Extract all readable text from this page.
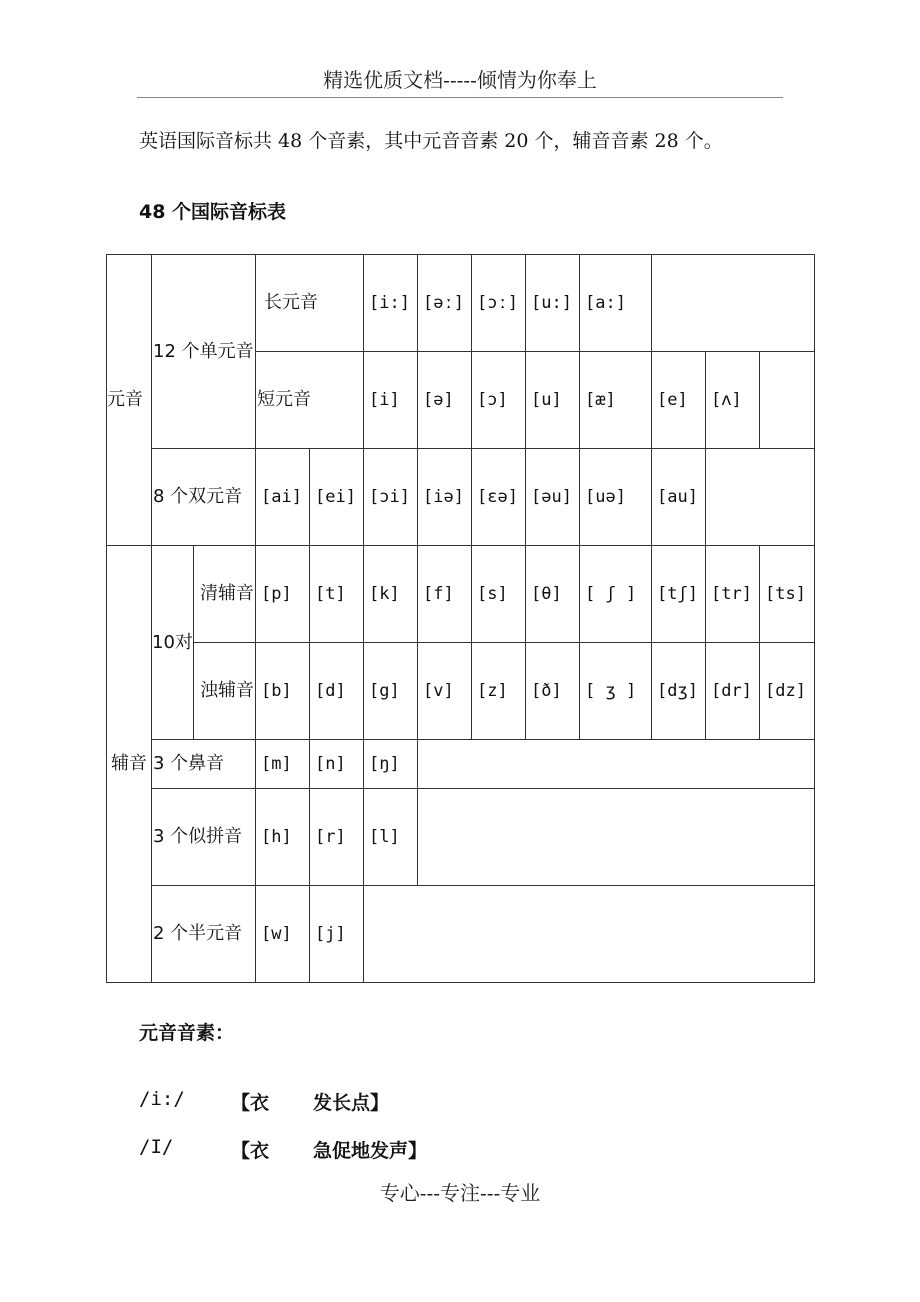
精选优质文档-----倾情为你奉上
英语国际音标共 48 个音素，其中元音音素 20 个，辅音音素 28 个。
48 个国际音标表
元音	12 个单元音		长元音		[i:]	[əː]	[ɔː]	[u:]	[a:]			
			短元音		[i]	[ə]	[ɔ]	[u]	[æ]	[e]	[ʌ]	
	8 个双元音		[ai]	[ei]	[ɔi]	[iə]	[ɛə]	[əu]	[uə]	[au]		
辅音	10对	清辅音	[p]	[t]	[k]	[f]	[s]	[θ]	[ ʃ ]	[tʃ]	[tr]	[ts]
		浊辅音	[b]	[d]	[g]	[v]	[z]	[ð]	[ ʒ ]	[dʒ]	[dr]	[dz]
	3 个鼻音		[m]	[n]	[ŋ]							
	3 个似拼音		[h]	[r]	[l]							
	2 个半元音		[w]	[j]								
元音音素：
/i:/ 【衣 发长点】
/I/	【衣 急促地发声】
专心---专注---专业
